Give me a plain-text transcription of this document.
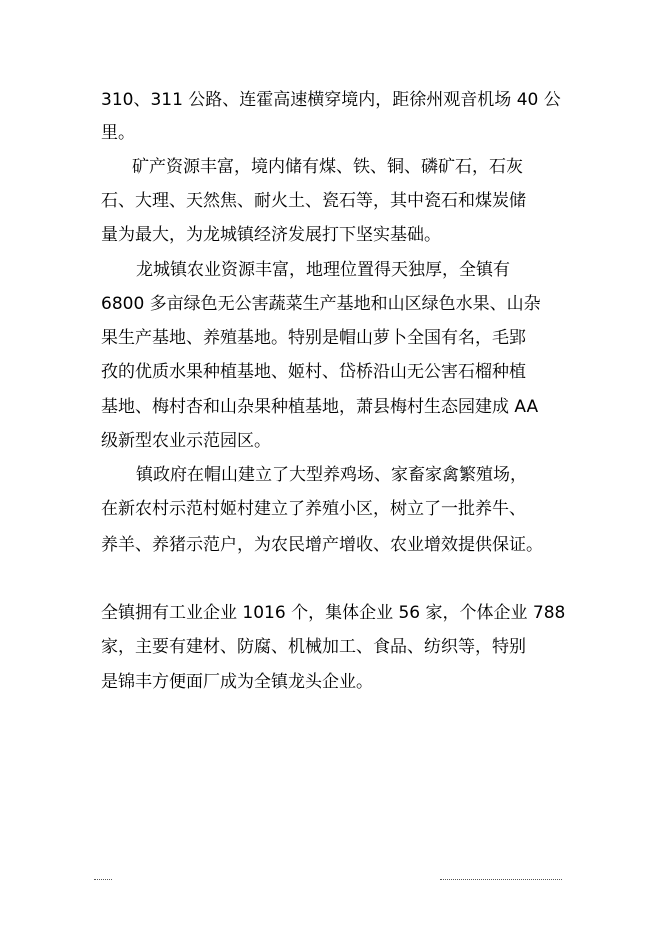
310、311 公路、连霍高速横穿境内，距徐州观音机场 40 公

里。

　矿产资源丰富，境内储有煤、铁、铜、磷矿石，石灰

石、大理、天然焦、耐火土、瓷石等，其中瓷石和煤炭储

量为最大，为龙城镇经济发展打下坚实基础。

龙城镇农业资源丰富，地理位置得天独厚，全镇有

6800 多亩绿色无公害蔬菜生产基地和山区绿色水果、山杂

果生产基地、养殖基地。特别是帽山萝卜全国有名，毛郢

孜的优质水果种植基地、姬村、岱桥沿山无公害石榴种植

基地、梅村杏和山杂果种植基地，萧县梅村生态园建成 AA

级新型农业示范园区。

镇政府在帽山建立了大型养鸡场、家畜家禽繁殖场，

在新农村示范村姬村建立了养殖小区，树立了一批养牛、

养羊、养猪示范户，为农民增产增收、农业增效提供保证。

全镇拥有工业企业 1016 个，集体企业 56 家，个体企业 788

家，主要有建材、防腐、机械加工、食品、纺织等，特别

是锦丰方便面厂成为全镇龙头企业。
